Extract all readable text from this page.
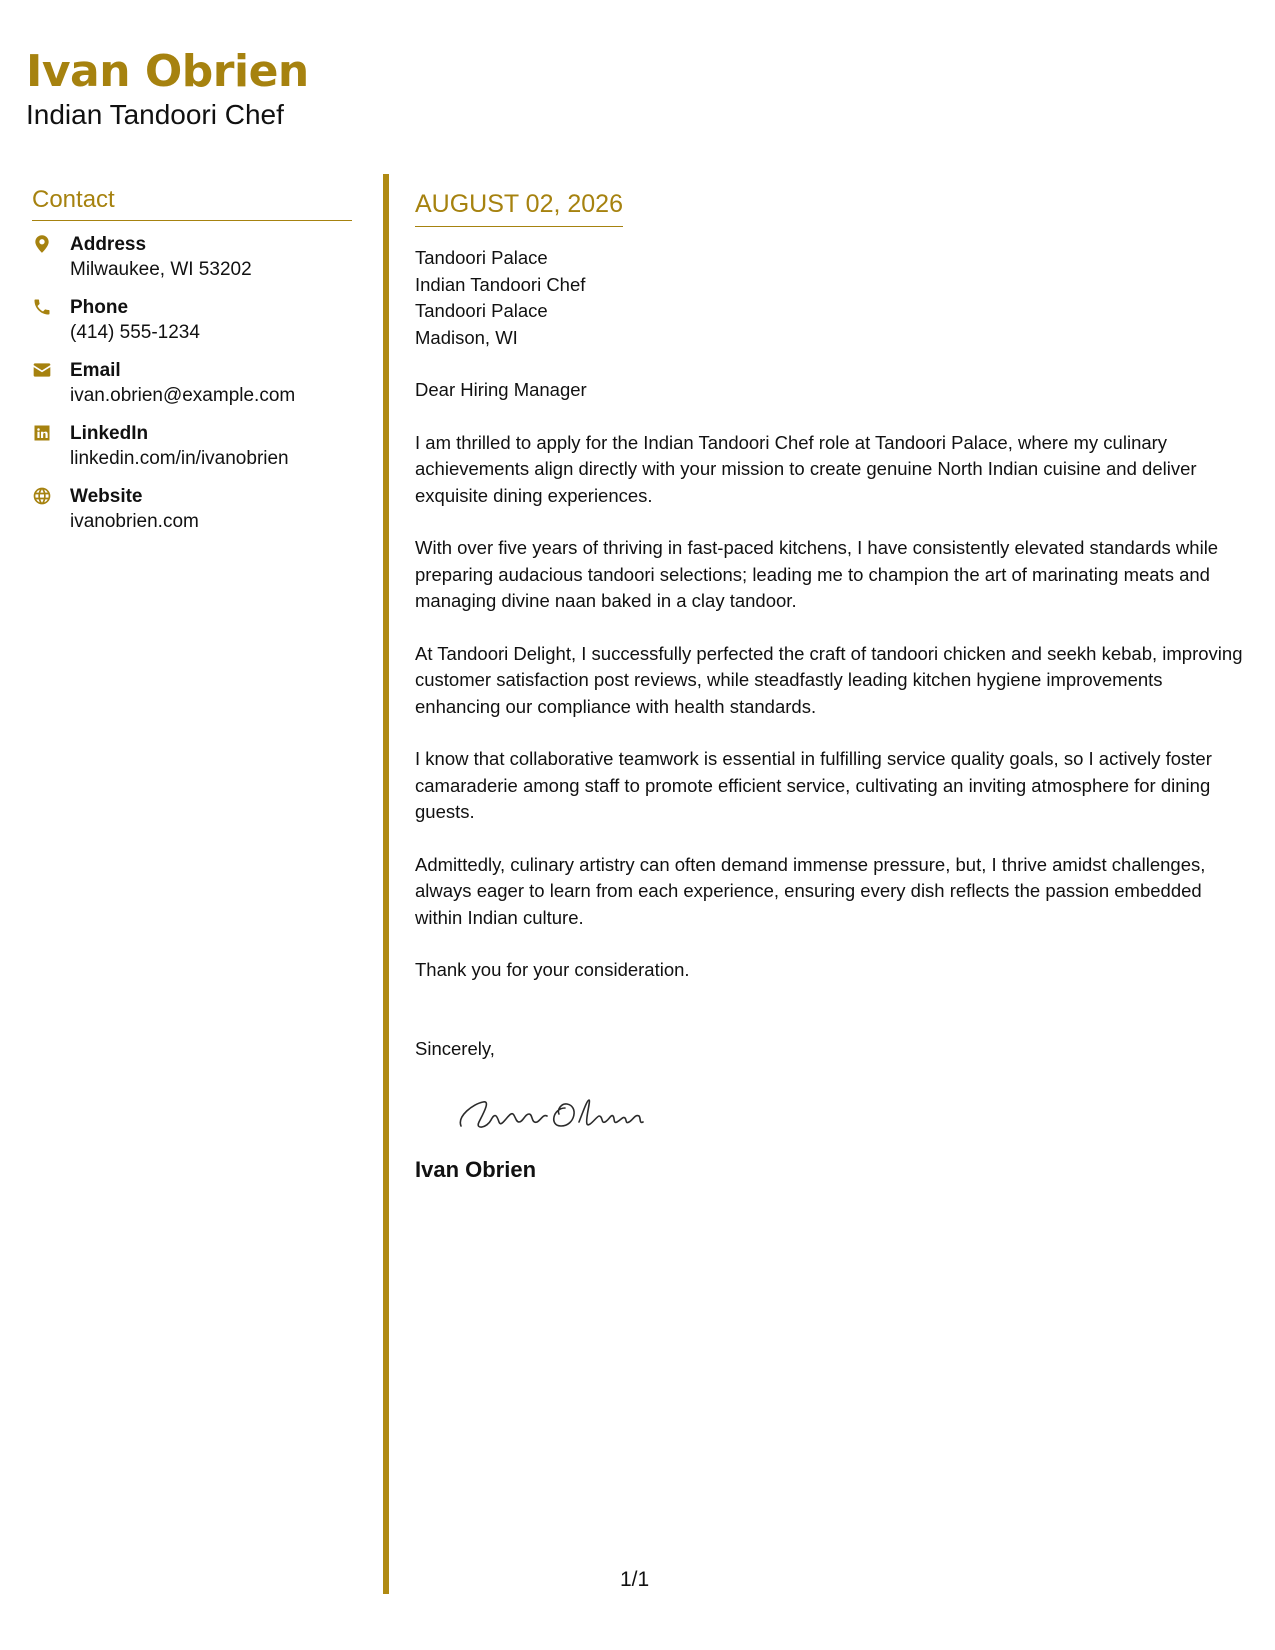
Ivan Obrien
Indian Tandoori Chef
Contact
Address
Milwaukee, WI 53202
Phone
(414) 555-1234
Email
ivan.obrien@example.com
LinkedIn
linkedin.com/in/ivanobrien
Website
ivanobrien.com
AUGUST 02, 2026
Tandoori Palace
Indian Tandoori Chef
Tandoori Palace
Madison, WI
Dear Hiring Manager
I am thrilled to apply for the Indian Tandoori Chef role at Tandoori Palace, where my culinary achievements align directly with your mission to create genuine North Indian cuisine and deliver exquisite dining experiences.
With over five years of thriving in fast-paced kitchens, I have consistently elevated standards while preparing audacious tandoori selections; leading me to champion the art of marinating meats and managing divine naan baked in a clay tandoor.
At Tandoori Delight, I successfully perfected the craft of tandoori chicken and seekh kebab, improving customer satisfaction post reviews, while steadfastly leading kitchen hygiene improvements enhancing our compliance with health standards.
I know that collaborative teamwork is essential in fulfilling service quality goals, so I actively foster camaraderie among staff to promote efficient service, cultivating an inviting atmosphere for dining guests.
Admittedly, culinary artistry can often demand immense pressure, but, I thrive amidst challenges, always eager to learn from each experience, ensuring every dish reflects the passion embedded within Indian culture.
Thank you for your consideration.
Sincerely,
Ivan Obrien
1/1
